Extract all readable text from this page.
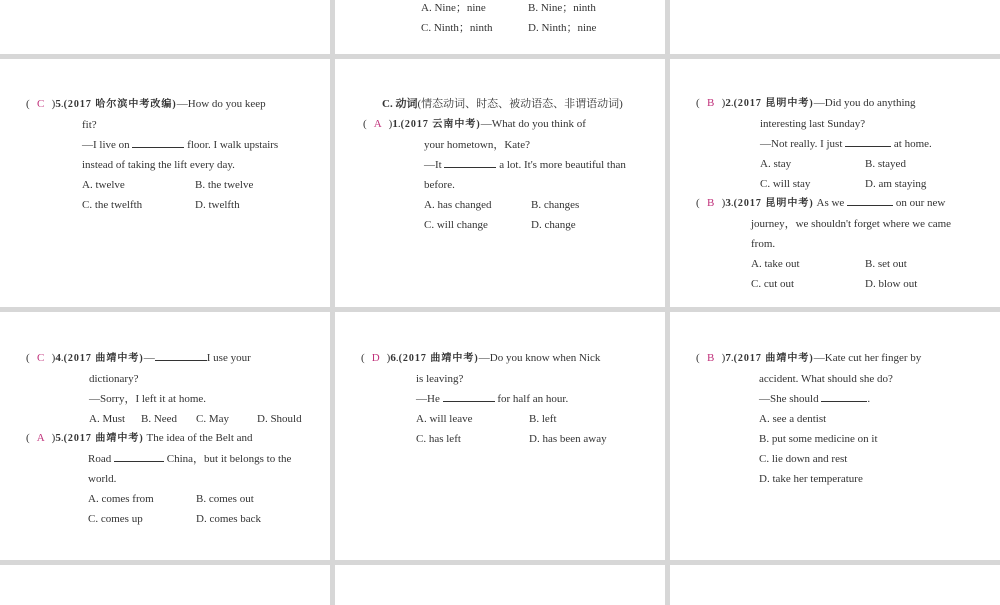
A. Nine；nine	B. Nine；ninth
C. Ninth；ninth	D. Ninth；nine
( C )5.(2017 哈尔滨中考改编)—How do you keep
fit?
—I live on	floor. I walk upstairs
instead of taking the lift every day.
A. twelve	B. the twelve
C. the twelfth	D. twelfth
C. 动词(情态动词、时态、被动语态、非谓语动词)
( A )1.(2017 云南中考)—What do you think of
your hometown，Kate?
—It	a lot. It's more beautiful than
before.
A. has changed	B. changes
C. will change	D. change
( B )2.(2017 昆明中考)—Did you do anything
interesting last Sunday?
—Not really. I just	at home.
A. stay	B. stayed
C. will stay	D. am staying
( B )3.(2017 昆明中考) As we	on our new
journey，we shouldn't forget where we came
from.
A. take out	B. set out
C. cut out	D. blow out
( C )4.(2017 曲靖中考)—	I use your
dictionary?
—Sorry，I left it at home.
A. Must B. Need C. May	D. Should
( A )5.(2017 曲靖中考) The idea of the Belt and
Road	China，but it belongs to the
world.
A. comes from	B. comes out
C. comes up	D. comes back
( D )6.(2017 曲靖中考)—Do you know when Nick
is leaving?
—He	for half an hour.
A. will leave	B. left
C. has left	D. has been away
( B )7.(2017 曲靖中考)—Kate cut her finger by
accident. What should she do?
—She should	.
A. see a dentist
B. put some medicine on it
C. lie down and rest
D. take her temperature
